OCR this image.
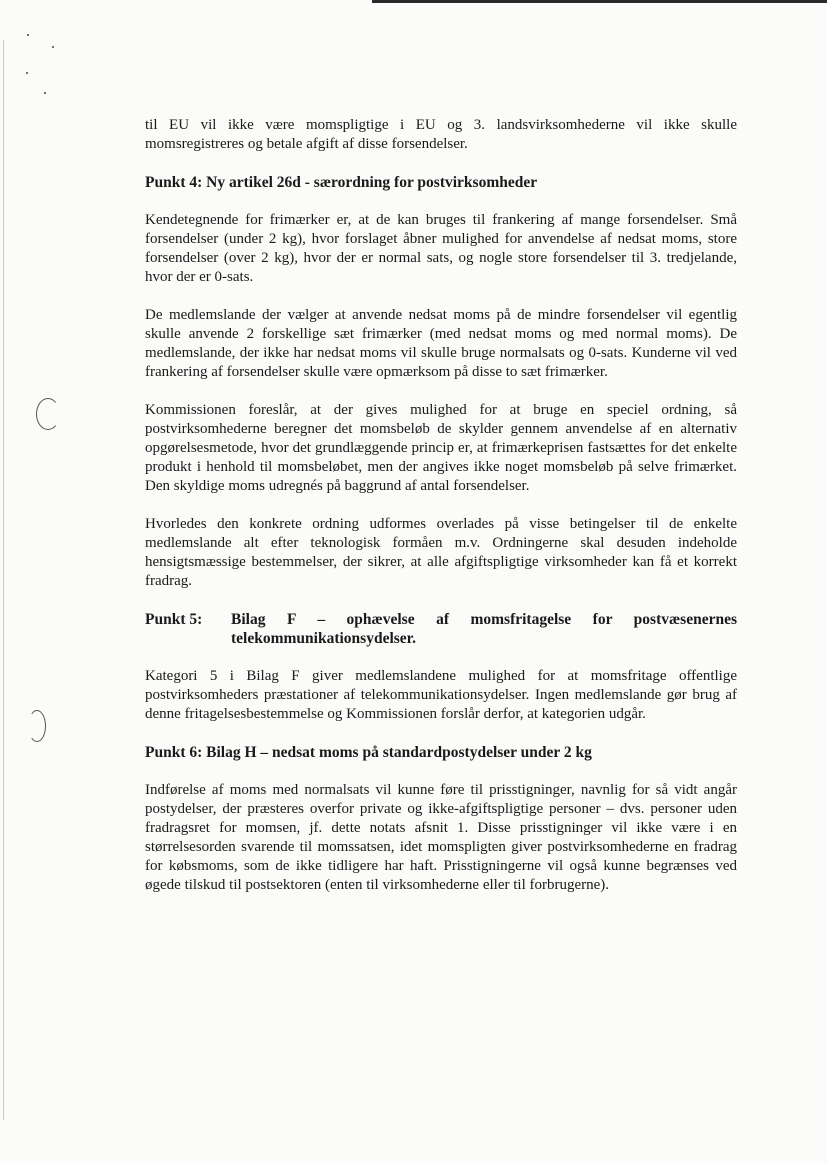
til EU vil ikke være momspligtige i EU og 3. landsvirksomhederne vil ikke skulle momsregistreres og betale afgift af disse forsendelser.

Punkt 4: Ny artikel 26d - særordning for postvirksomheder

Kendetegnende for frimærker er, at de kan bruges til frankering af mange forsendelser. Små forsendelser (under 2 kg), hvor forslaget åbner mulighed for anvendelse af nedsat moms, store forsendelser (over 2 kg), hvor der er normal sats, og nogle store forsendelser til 3. tredjelande, hvor der er 0-sats.

De medlemslande der vælger at anvende nedsat moms på de mindre forsendelser vil egentlig skulle anvende 2 forskellige sæt frimærker (med nedsat moms og med normal moms). De medlemslande, der ikke har nedsat moms vil skulle bruge normalsats og 0-sats. Kunderne vil ved frankering af forsendelser skulle være opmærksom på disse to sæt frimærker.

Kommissionen foreslår, at der gives mulighed for at bruge en speciel ordning, så postvirksomhederne beregner det momsbeløb de skylder gennem anvendelse af en alternativ opgørelsesmetode, hvor det grundlæggende princip er, at frimærkeprisen fastsættes for det enkelte produkt i henhold til momsbeløbet, men der angives ikke noget momsbeløb på selve frimærket. Den skyldige moms udregnés på baggrund af antal forsendelser.

Hvorledes den konkrete ordning udformes overlades på visse betingelser til de enkelte medlemslande alt efter teknologisk formåen m.v. Ordningerne skal desuden indeholde hensigtsmæssige bestemmelser, der sikrer, at alle afgiftspligtige virksomheder kan få et korrekt fradrag.

Punkt 5:	Bilag F – ophævelse af momsfritagelse for postvæsenernes
telekommunikationsydelser.

Kategori 5 i Bilag F giver medlemslandene mulighed for at momsfritage offentlige postvirksomheders præstationer af telekommunikationsydelser. Ingen medlemslande gør brug af denne fritagelsesbestemmelse og Kommissionen forslår derfor, at kategorien udgår.

Punkt 6: Bilag H – nedsat moms på standardpostydelser under 2 kg

Indførelse af moms med normalsats vil kunne føre til prisstigninger, navnlig for så vidt angår postydelser, der præsteres overfor private og ikke-afgiftspligtige personer – dvs. personer uden fradragsret for momsen, jf. dette notats afsnit 1. Disse prisstigninger vil ikke være i en størrelsesorden svarende til momssatsen, idet momspligten giver postvirksomhederne en fradrag for købsmoms, som de ikke tidligere har haft. Prisstigningerne vil også kunne begrænses ved øgede tilskud til postsektoren (enten til virksomhederne eller til forbrugerne).
